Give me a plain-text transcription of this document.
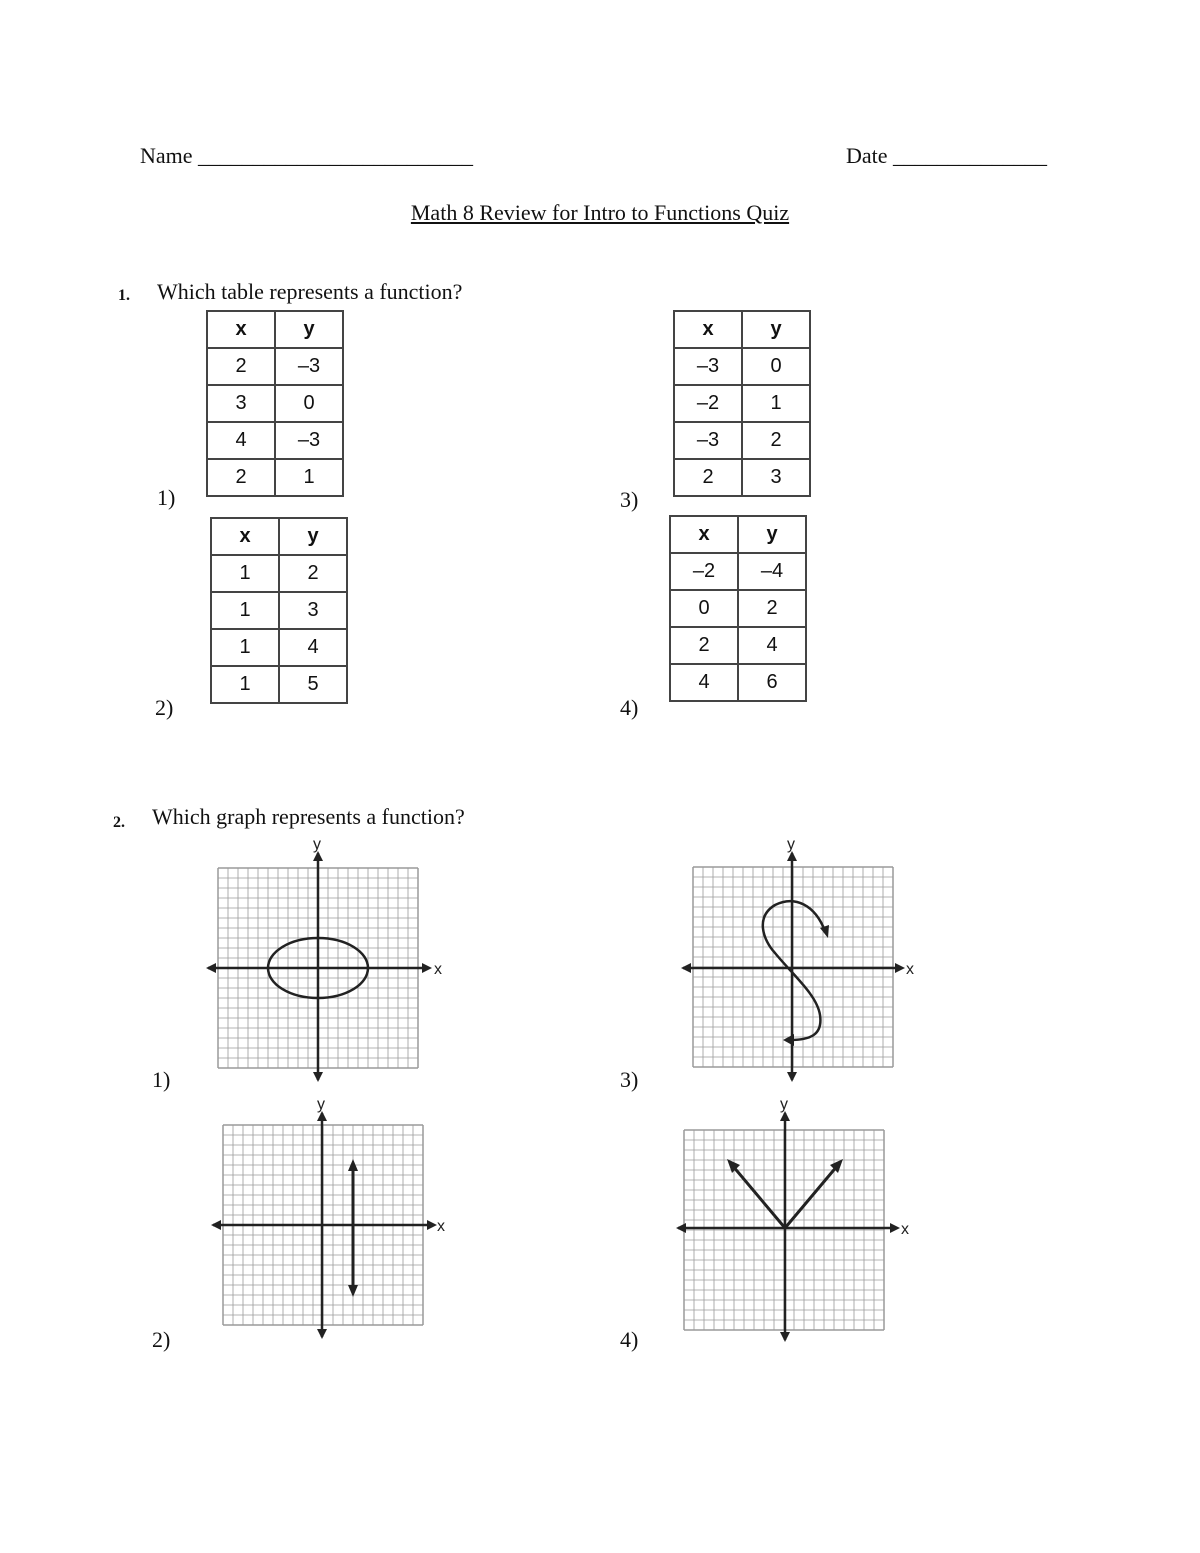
Name _________________________	Date ______________
Math 8 Review for Intro to Functions Quiz
1. Which table represents a function?
1)
x	y
2	–3
3	0
4	–3
2	1
2)
x	y
1	2
1	3
1	4
1	5
3)
x	y
–3	0
–2	1
–3	2
2	3
4)
x	y
–2	–4
0	2
2	4
4	6
2. Which graph represents a function?
1)
2)
3)
4)
x
y
x
y
x
y
x
y
